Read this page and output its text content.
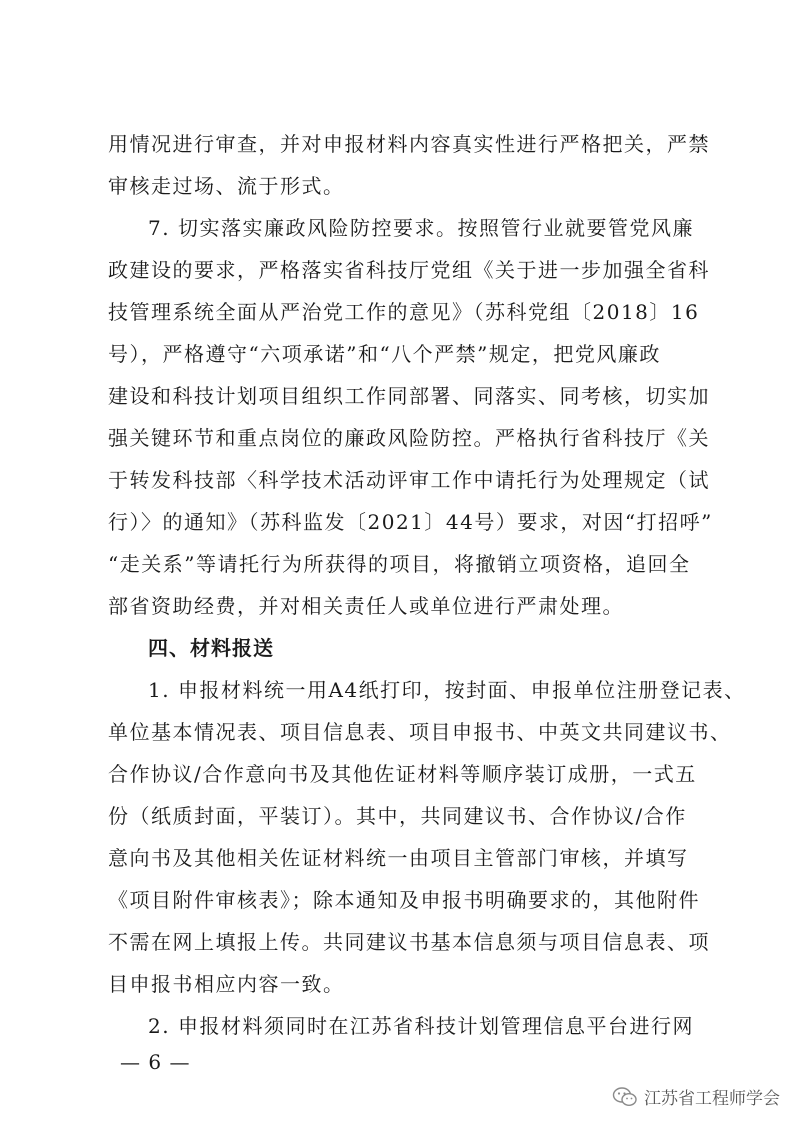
用情况进行审查，并对申报材料内容真实性进行严格把关，严禁
审核走过场、流于形式。
7. 切实落实廉政风险防控要求。按照管行业就要管党风廉
政建设的要求，严格落实省科技厅党组《关于进一步加强全省科
技管理系统全面从严治党工作的意见》（苏科党组〔2018〕16
号），严格遵守“六项承诺”和“八个严禁”规定，把党风廉政
建设和科技计划项目组织工作同部署、同落实、同考核，切实加
强关键环节和重点岗位的廉政风险防控。严格执行省科技厅《关
于转发科技部〈科学技术活动评审工作中请托行为处理规定（试
行）〉的通知》（苏科监发〔2021〕44号）要求，对因“打招呼”
“走关系”等请托行为所获得的项目，将撤销立项资格，追回全
部省资助经费，并对相关责任人或单位进行严肃处理。
四、材料报送
1. 申报材料统一用A4纸打印，按封面、申报单位注册登记表、
单位基本情况表、项目信息表、项目申报书、中英文共同建议书、
合作协议/合作意向书及其他佐证材料等顺序装订成册，一式五
份（纸质封面，平装订）。其中，共同建议书、合作协议/合作
意向书及其他相关佐证材料统一由项目主管部门审核，并填写
《项目附件审核表》；除本通知及申报书明确要求的，其他附件
不需在网上填报上传。共同建议书基本信息须与项目信息表、项
目申报书相应内容一致。
2. 申报材料须同时在江苏省科技计划管理信息平台进行网
— 6 —
江苏省工程师学会
